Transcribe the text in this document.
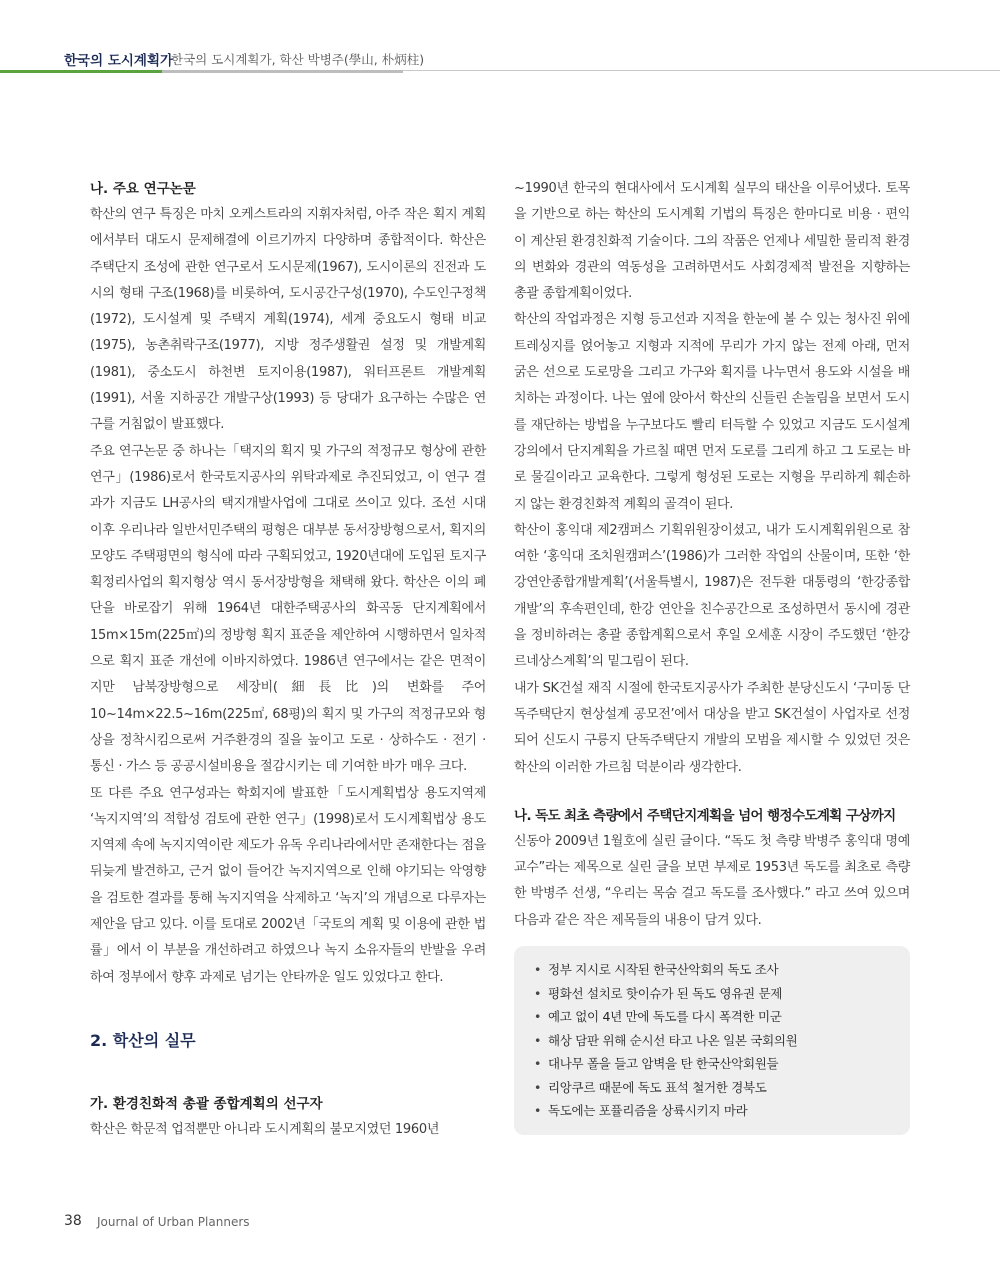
한국의 도시계획가
한국의 도시계획가, 학산 박병주(學山, 朴炳柱)
나. 주요 연구논문

학산의 연구 특징은 마치 오케스트라의 지휘자처럼, 아주 작은 획지 계획에서부터 대도시 문제해결에 이르기까지 다양하며 종합적이다. 학산은 주택단지 조성에 관한 연구로서 도시문제(1967), 도시이론의 진전과 도시의 형태 구조(1968)를 비롯하여, 도시공간구성(1970), 수도인구정책(1972), 도시설계 및 주택지 계획(1974), 세계 중요도시 형태 비교(1975), 농촌취락구조(1977), 지방 정주생활권 설정 및 개발계획(1981), 중소도시 하천변 토지이용(1987), 워터프론트 개발계획(1991), 서울 지하공간 개발구상(1993) 등 당대가 요구하는 수많은 연구를 거침없이 발표했다.

주요 연구논문 중 하나는「택지의 획지 및 가구의 적정규모 형상에 관한 연구」(1986)로서 한국토지공사의 위탁과제로 추진되었고, 이 연구 결과가 지금도 LH공사의 택지개발사업에 그대로 쓰이고 있다. 조선 시대 이후 우리나라 일반서민주택의 평형은 대부분 동서장방형으로서, 획지의 모양도 주택평면의 형식에 따라 구획되었고, 1920년대에 도입된 토지구획정리사업의 획지형상 역시 동서장방형을 채택해 왔다. 학산은 이의 폐단을 바로잡기 위해 1964년 대한주택공사의 화곡동 단지계획에서 15m×15m(225㎡)의 정방형 획지 표준을 제안하여 시행하면서 일차적으로 획지 표준 개선에 이바지하였다. 1986년 연구에서는 같은 면적이지만 남북장방형으로 세장비(細長比)의 변화를 주어 10~14m×22.5~16m(225㎡, 68평)의 획지 및 가구의 적정규모와 형상을 정착시킴으로써 거주환경의 질을 높이고 도로 · 상하수도 · 전기 · 통신 · 가스 등 공공시설비용을 절감시키는 데 기여한 바가 매우 크다.

또 다른 주요 연구성과는 학회지에 발표한「도시계획법상 용도지역제 ‘녹지지역’의 적합성 검토에 관한 연구」(1998)로서 도시계획법상 용도지역제 속에 녹지지역이란 제도가 유독 우리나라에서만 존재한다는 점을 뒤늦게 발견하고, 근거 없이 들어간 녹지지역으로 인해 야기되는 악영향을 검토한 결과를 통해 녹지지역을 삭제하고 ‘녹지’의 개념으로 다루자는 제안을 담고 있다. 이를 토대로 2002년「국토의 계획 및 이용에 관한 법률」에서 이 부분을 개선하려고 하였으나 녹지 소유자들의 반발을 우려하여 정부에서 향후 과제로 넘기는 안타까운 일도 있었다고 한다.

2. 학산의 실무
가. 환경친화적 총괄 종합계획의 선구자

학산은 학문적 업적뿐만 아니라 도시계획의 불모지였던 1960년

~1990년 한국의 현대사에서 도시계획 실무의 태산을 이루어냈다. 토목을 기반으로 하는 학산의 도시계획 기법의 특징은 한마디로 비용 · 편익이 계산된 환경친화적 기술이다. 그의 작품은 언제나 세밀한 물리적 환경의 변화와 경관의 역동성을 고려하면서도 사회경제적 발전을 지향하는 총괄 종합계획이었다.

학산의 작업과정은 지형 등고선과 지적을 한눈에 볼 수 있는 청사진 위에 트레싱지를 얹어놓고 지형과 지적에 무리가 가지 않는 전제 아래, 먼저 굵은 선으로 도로망을 그리고 가구와 획지를 나누면서 용도와 시설을 배치하는 과정이다. 나는 옆에 앉아서 학산의 신들린 손놀림을 보면서 도시를 재단하는 방법을 누구보다도 빨리 터득할 수 있었고 지금도 도시설계 강의에서 단지계획을 가르칠 때면 먼저 도로를 그리게 하고 그 도로는 바로 물길이라고 교육한다. 그렇게 형성된 도로는 지형을 무리하게 훼손하지 않는 환경친화적 계획의 골격이 된다.

학산이 홍익대 제2캠퍼스 기획위원장이셨고, 내가 도시계획위원으로 참여한 ‘홍익대 조치원캠퍼스’(1986)가 그러한 작업의 산물이며, 또한 ‘한강연안종합개발계획’(서울특별시, 1987)은 전두환 대통령의 ‘한강종합개발’의 후속편인데, 한강 연안을 친수공간으로 조성하면서 동시에 경관을 정비하려는 총괄 종합계획으로서 후일 오세훈 시장이 주도했던 ‘한강 르네상스계획’의 밑그림이 된다.

내가 SK건설 재직 시절에 한국토지공사가 주최한 분당신도시 ‘구미동 단독주택단지 현상설계 공모전’에서 대상을 받고 SK건설이 사업자로 선정되어 신도시 구릉지 단독주택단지 개발의 모범을 제시할 수 있었던 것은 학산의 이러한 가르침 덕분이라 생각한다.

나. 독도 최초 측량에서 주택단지계획을 넘어 행정수도계획 구상까지

신동아 2009년 1월호에 실린 글이다. “독도 첫 측량 박병주 홍익대 명예교수”라는 제목으로 실린 글을 보면 부제로 1953년 독도를 최초로 측량한 박병주 선생, “우리는 목숨 걸고 독도를 조사했다.” 라고 쓰여 있으며 다음과 같은 작은 제목들의 내용이 담겨 있다.

• 정부 지시로 시작된 한국산악회의 독도 조사
• 평화선 설치로 핫이슈가 된 독도 영유권 문제
• 예고 없이 4년 만에 독도를 다시 폭격한 미군
• 해상 담판 위해 순시선 타고 나온 일본 국회의원
• 대나무 폴을 들고 암벽을 탄 한국산악회원들
• 리앙쿠르 때문에 독도 표석 철거한 경북도
• 독도에는 포퓰리즘을 상륙시키지 마라
38 Journal of Urban Planners
